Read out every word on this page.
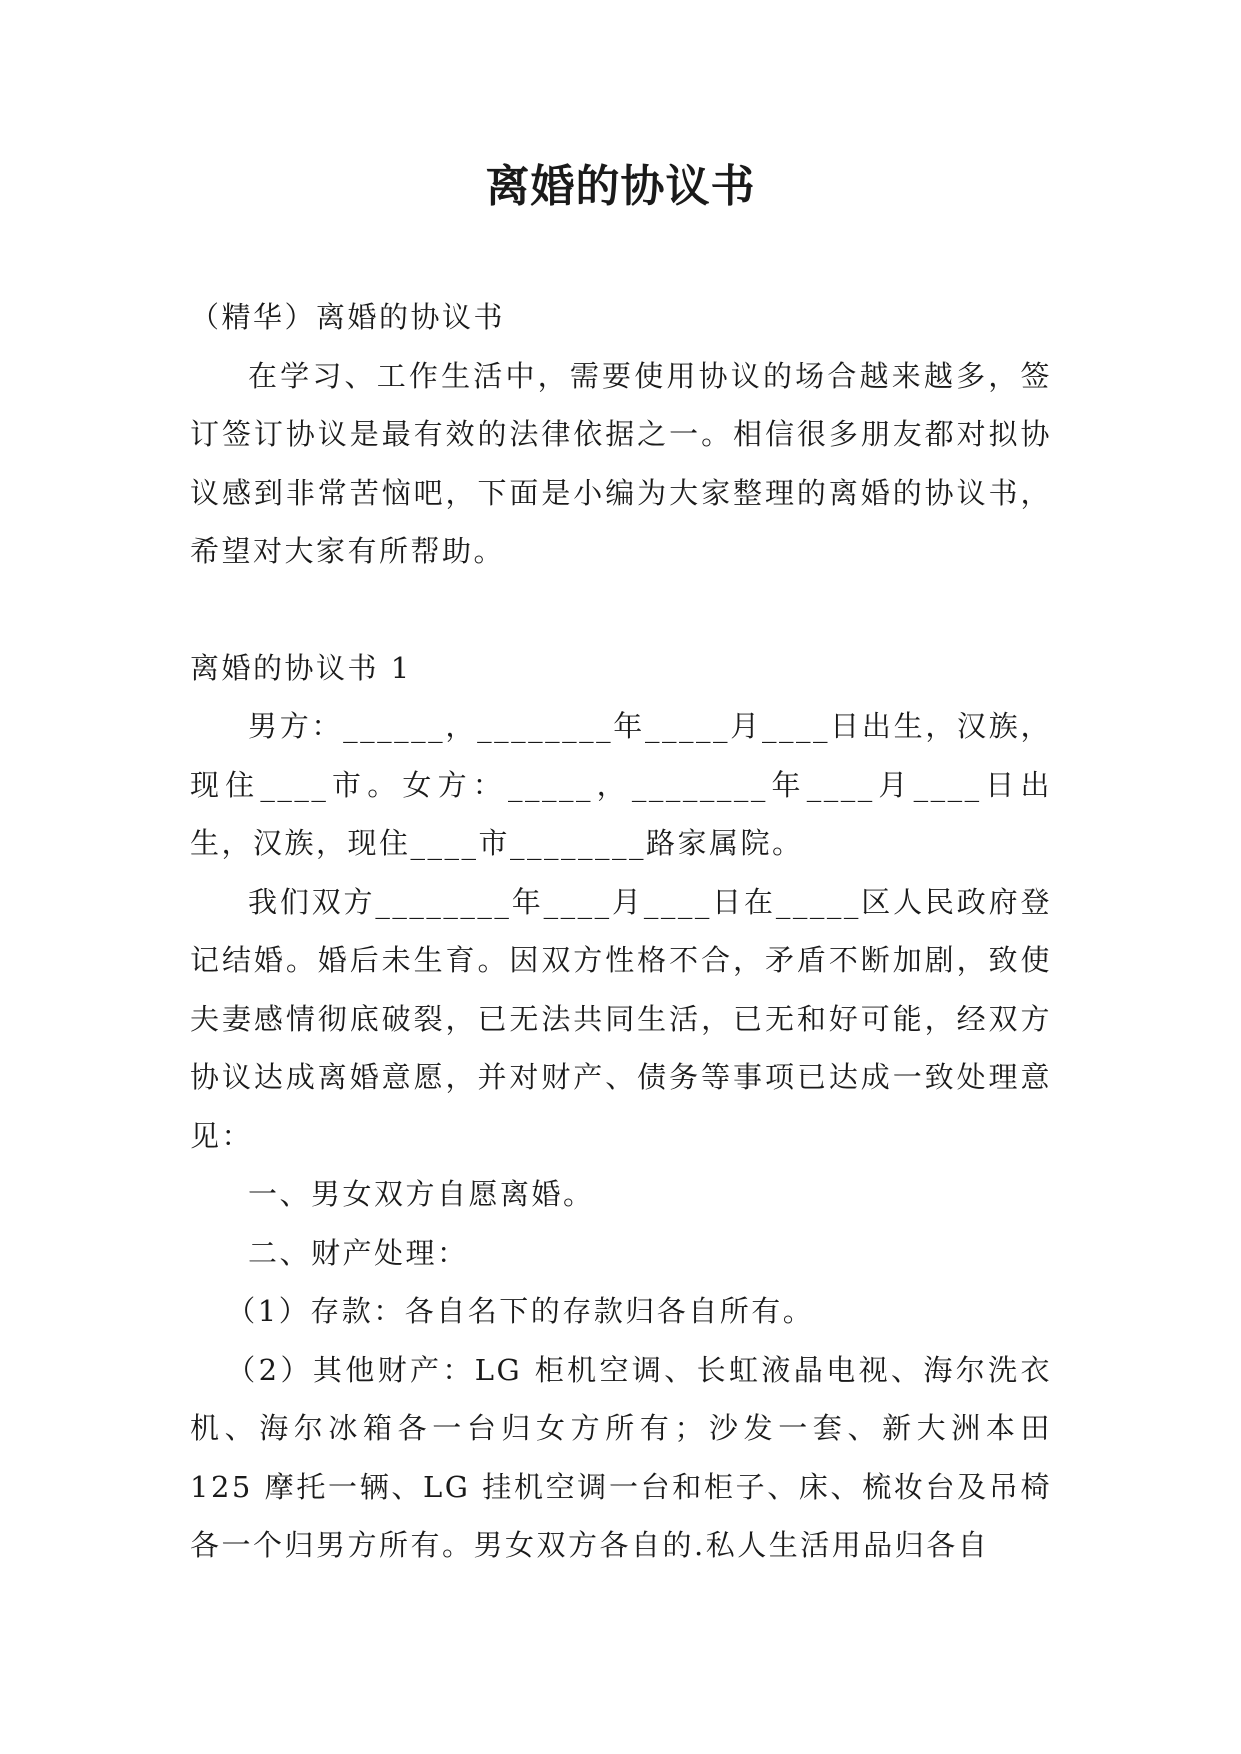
离婚的协议书

（精华）离婚的协议书

在学习、工作生活中，需要使用协议的场合越来越多，签订签订协议是最有效的法律依据之一。相信很多朋友都对拟协议感到非常苦恼吧，下面是小编为大家整理的离婚的协议书，希望对大家有所帮助。

离婚的协议书 1

男方：______，________年_____月____日出生，汉族，现住____市。女方：_____，________年____月____日出生，汉族，现住____市________路家属院。

我们双方________年____月____日在_____区人民政府登记结婚。婚后未生育。因双方性格不合，矛盾不断加剧，致使夫妻感情彻底破裂，已无法共同生活，已无和好可能，经双方协议达成离婚意愿，并对财产、债务等事项已达成一致处理意见：

一、男女双方自愿离婚。

二、财产处理：

（1）存款：各自名下的存款归各自所有。

（2）其他财产：LG 柜机空调、长虹液晶电视、海尔洗衣机、海尔冰箱各一台归女方所有；沙发一套、新大洲本田 125 摩托一辆、LG 挂机空调一台和柜子、床、梳妆台及吊椅各一个归男方所有。男女双方各自的.私人生活用品归各自
